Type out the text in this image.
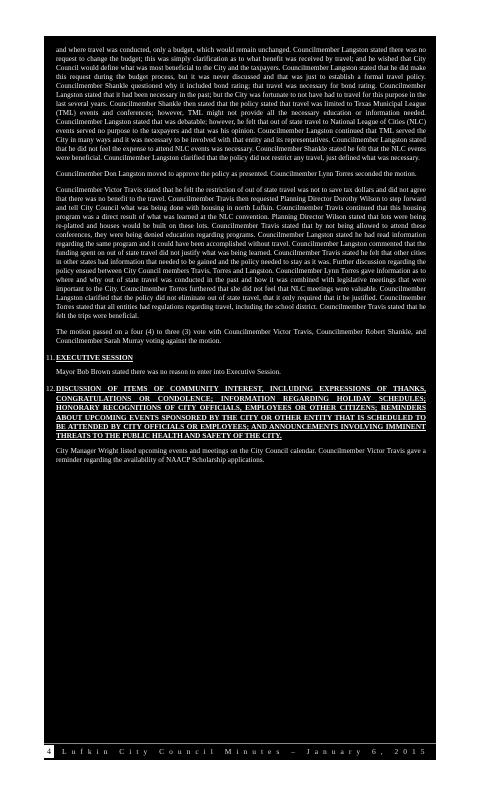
and where travel was conducted, only a budget, which would remain unchanged. Councilmember Langston stated there was no request to change the budget; this was simply clarification as to what benefit was received by travel; and he wished that City Council would define what was most beneficial to the City and the taxpayers. Councilmember Langston stated that he did make this request during the budget process, but it was never discussed and that was just to establish a formal travel policy. Councilmember Shankle questioned why it included bond rating; that travel was necessary for bond rating. Councilmember Langston stated that it had been necessary in the past; but the City was fortunate to not have had to travel for this purpose in the last several years. Councilmember Shankle then stated that the policy stated that travel was limited to Texas Municipal League (TML) events and conferences; however, TML might not provide all the necessary education or information needed. Councilmember Langston stated that was debatable; however, he felt that out of state travel to National League of Cities (NLC) events served no purpose to the taxpayers and that was his opinion. Councilmember Langston continued that TML served the City in many ways and it was necessary to be involved with that entity and its representatives. Councilmember Langston stated that he did not feel the expense to attend NLC events was necessary. Councilmember Shankle stated he felt that the NLC events were beneficial. Councilmember Langston clarified that the policy did not restrict any travel, just defined what was necessary.

Councilmember Don Langston moved to approve the policy as presented. Councilmember Lynn Torres seconded the motion.

Councilmember Victor Travis stated that he felt the restriction of out of state travel was not to save tax dollars and did not agree that there was no benefit to the travel. Councilmember Travis then requested Planning Director Dorothy Wilson to step forward and tell City Council what was being done with housing in north Lufkin. Councilmember Travis continued that this housing program was a direct result of what was learned at the NLC convention. Planning Director Wilson stated that lots were being re-platted and houses would be built on these lots. Councilmember Travis stated that by not being allowed to attend these conferences, they were being denied education regarding programs. Councilmember Langston stated he had read information regarding the same program and it could have been accomplished without travel. Councilmember Langston commented that the funding spent on out of state travel did not justify what was being learned. Councilmember Travis stated he felt that other cities in other states had information that needed to be gained and the policy needed to stay as it was. Further discussion regarding the policy ensued between City Council members Travis, Torres and Langston. Councilmember Lynn Torres gave information as to where and why out of state travel was conducted in the past and how it was combined with legislative meetings that were important to the City. Councilmember Torres furthered that she did not feel that NLC meetings were valuable. Councilmember Langston clarified that the policy did not eliminate out of state travel, that it only required that it be justified. Councilmember Torres stated that all entities had regulations regarding travel, including the school district. Councilmember Travis stated that he felt the trips were beneficial.

The motion passed on a four (4) to three (3) vote with Councilmember Victor Travis, Councilmember Robert Shankle, and Councilmember Sarah Murray voting against the motion.

11. EXECUTIVE SESSION

Mayor Bob Brown stated there was no reason to enter into Executive Session.

12. DISCUSSION OF ITEMS OF COMMUNITY INTEREST, INCLUDING EXPRESSIONS OF THANKS, CONGRATULATIONS OR CONDOLENCE; INFORMATION REGARDING HOLIDAY SCHEDULES; HONORARY RECOGNITIONS OF CITY OFFICIALS, EMPLOYEES OR OTHER CITIZENS; REMINDERS ABOUT UPCOMING EVENTS SPONSORED BY THE CITY OR OTHER ENTITY THAT IS SCHEDULED TO BE ATTENDED BY CITY OFFICIALS OR EMPLOYEES; AND ANNOUNCEMENTS INVOLVING IMMINENT THREATS TO THE PUBLIC HEALTH AND SAFETY OF THE CITY.

City Manager Wright listed upcoming events and meetings on the City Council calendar. Councilmember Victor Travis gave a reminder regarding the availability of NAACP Scholarship applications.

4	Lufkin City Council Minutes – January 6, 2015
